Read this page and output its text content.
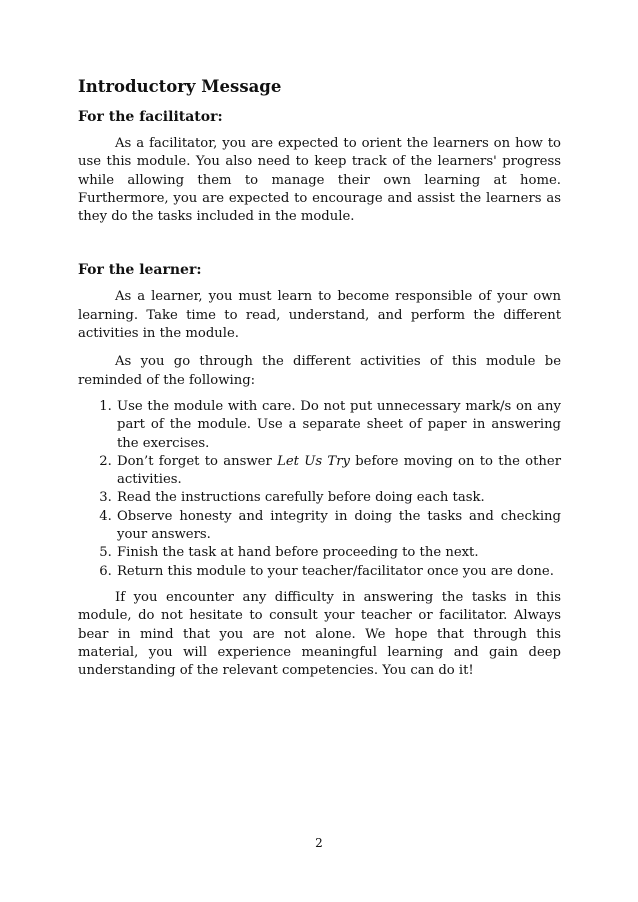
Introductory Message
For the facilitator:

As a facilitator, you are expected to orient the learners on how to use this module. You also need to keep track of the learners' progress while allowing them to manage their own learning at home. Furthermore, you are expected to encourage and assist the learners as they do the tasks included in the module.

For the learner:

As a learner, you must learn to become responsible of your own learning. Take time to read, understand, and perform the different activities in the module.

As you go through the different activities of this module be reminded of the following:

1. Use the module with care. Do not put unnecessary mark/s on any part of the module. Use a separate sheet of paper in answering the exercises.
2. Don’t forget to answer Let Us Try before moving on to the other activities.
3. Read the instructions carefully before doing each task.
4. Observe honesty and integrity in doing the tasks and checking your answers.
5. Finish the task at hand before proceeding to the next.
6. Return this module to your teacher/facilitator once you are done.

If you encounter any difficulty in answering the tasks in this module, do not hesitate to consult your teacher or facilitator. Always bear in mind that you are not alone. We hope that through this material, you will experience meaningful learning and gain deep understanding of the relevant competencies. You can do it!

2
